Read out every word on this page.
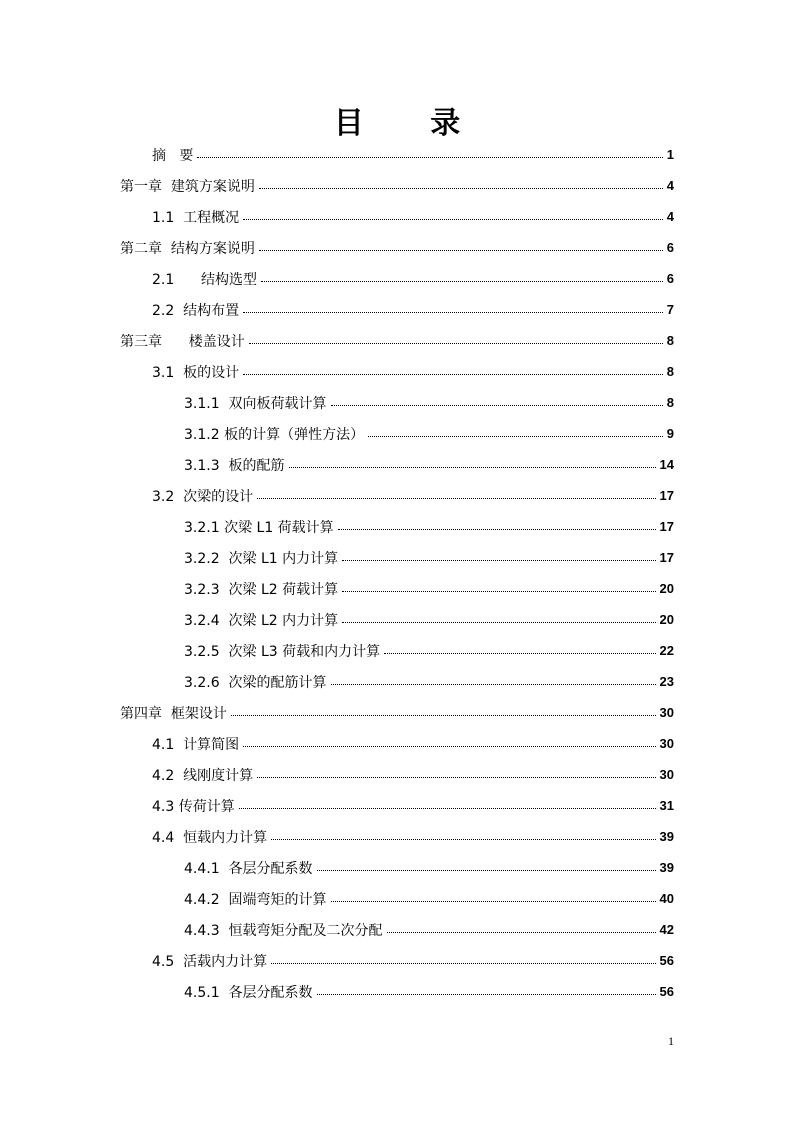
目 录
摘   要	1
第一章  建筑方案说明	4
1.1  工程概况	4
第二章  结构方案说明	6
2.1      结构选型	6
2.2  结构布置	7
第三章      楼盖设计	8
3.1  板的设计	8
3.1.1  双向板荷载计算	8
3.1.2 板的计算（弹性方法）	9
3.1.3  板的配筋	14
3.2  次梁的设计	17
3.2.1 次梁 L1 荷载计算	17
3.2.2  次梁 L1 内力计算	17
3.2.3  次梁 L2 荷载计算	20
3.2.4  次梁 L2 内力计算	20
3.2.5  次梁 L3 荷载和内力计算	22
3.2.6  次梁的配筋计算	23
第四章  框架设计	30
4.1  计算简图	30
4.2  线刚度计算	30
4.3 传荷计算	31
4.4  恒载内力计算	39
4.4.1  各层分配系数	39
4.4.2  固端弯矩的计算	40
4.4.3  恒载弯矩分配及二次分配	42
4.5  活载内力计算	56
4.5.1  各层分配系数	56
1
